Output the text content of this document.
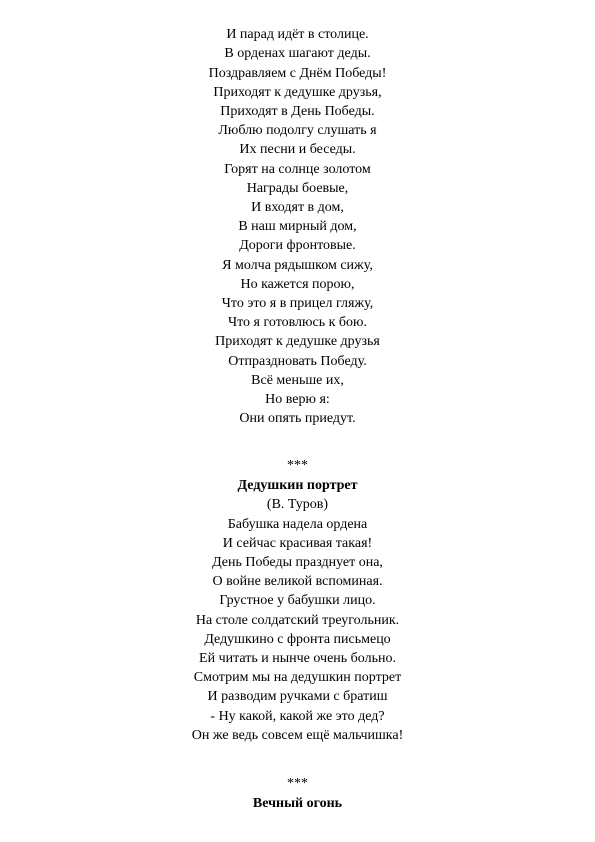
И парад идёт в столице.
В орденах шагают деды.
Поздравляем с Днём Победы!
Приходят к дедушке друзья,
Приходят в День Победы.
Люблю подолгу слушать я
Их песни и беседы.
Горят на солнце золотом
Награды боевые,
И входят в дом,
В наш мирный дом,
Дороги фронтовые.
Я молча рядышком сижу,
Но кажется порою,
Что это я в прицел гляжу,
Что я готовлюсь к бою.
Приходят к дедушке друзья
Отпраздновать Победу.
Всё меньше их,
Но верю я:
Они опять приедут.
***
Дедушкин портрет
(В. Туров)
Бабушка надела ордена
И сейчас красивая такая!
День Победы празднует она,
О войне великой вспоминая.
Грустное у бабушки лицо.
На столе солдатский треугольник.
Дедушкино с фронта письмецо
Ей читать и нынче очень больно.
Смотрим мы на дедушкин портрет
И разводим ручками с братиш
- Ну какой, какой же это дед?
Он же ведь совсем ещё мальчишка!
***
Вечный огонь
